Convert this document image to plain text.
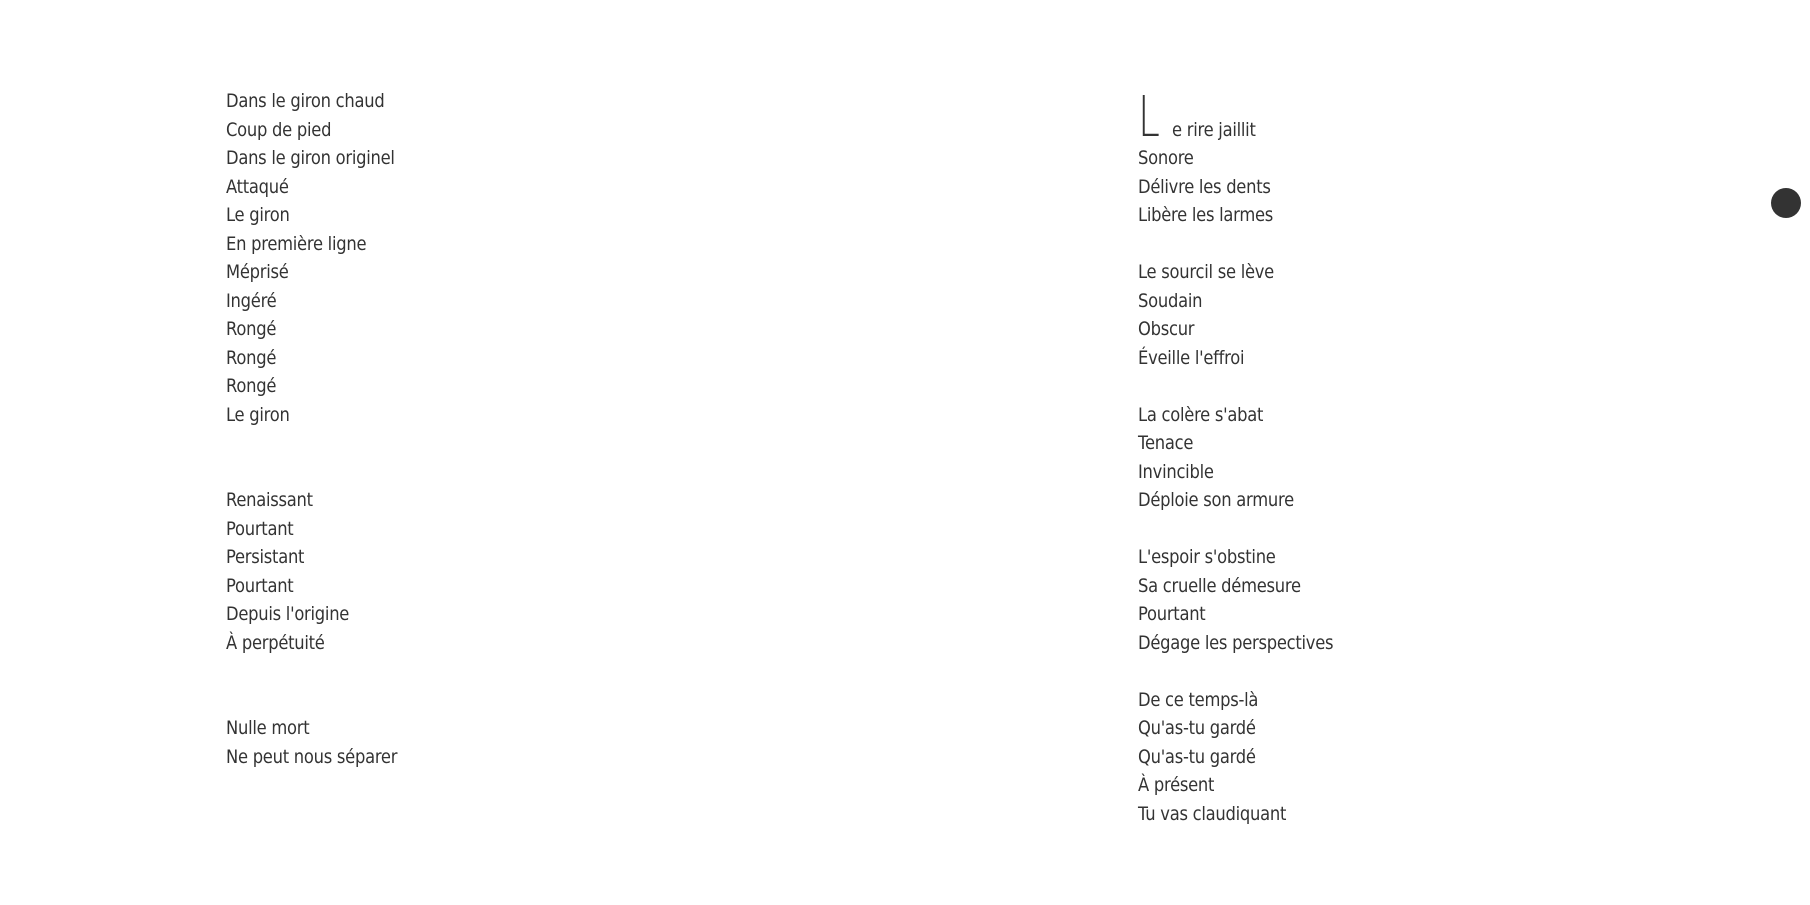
Dans le giron chaud
Coup de pied
Dans le giron originel
Attaqué
Le giron
En première ligne
Méprisé
Ingéré
Rongé
Rongé
Rongé
Le giron
Renaissant
Pourtant
Persistant
Pourtant
Depuis l'origine
À perpétuité
Nulle mort
Ne peut nous séparer
L e rire jaillit
Sonore
Délivre les dents
Libère les larmes
Le sourcil se lève
Soudain
Obscur
Éveille l'effroi
La colère s'abat
Tenace
Invincible
Déploie son armure
L'espoir s'obstine
Sa cruelle démesure
Pourtant
Dégage les perspectives
De ce temps-là
Qu'as-tu gardé
Qu'as-tu gardé
À présent
Tu vas claudiquant
